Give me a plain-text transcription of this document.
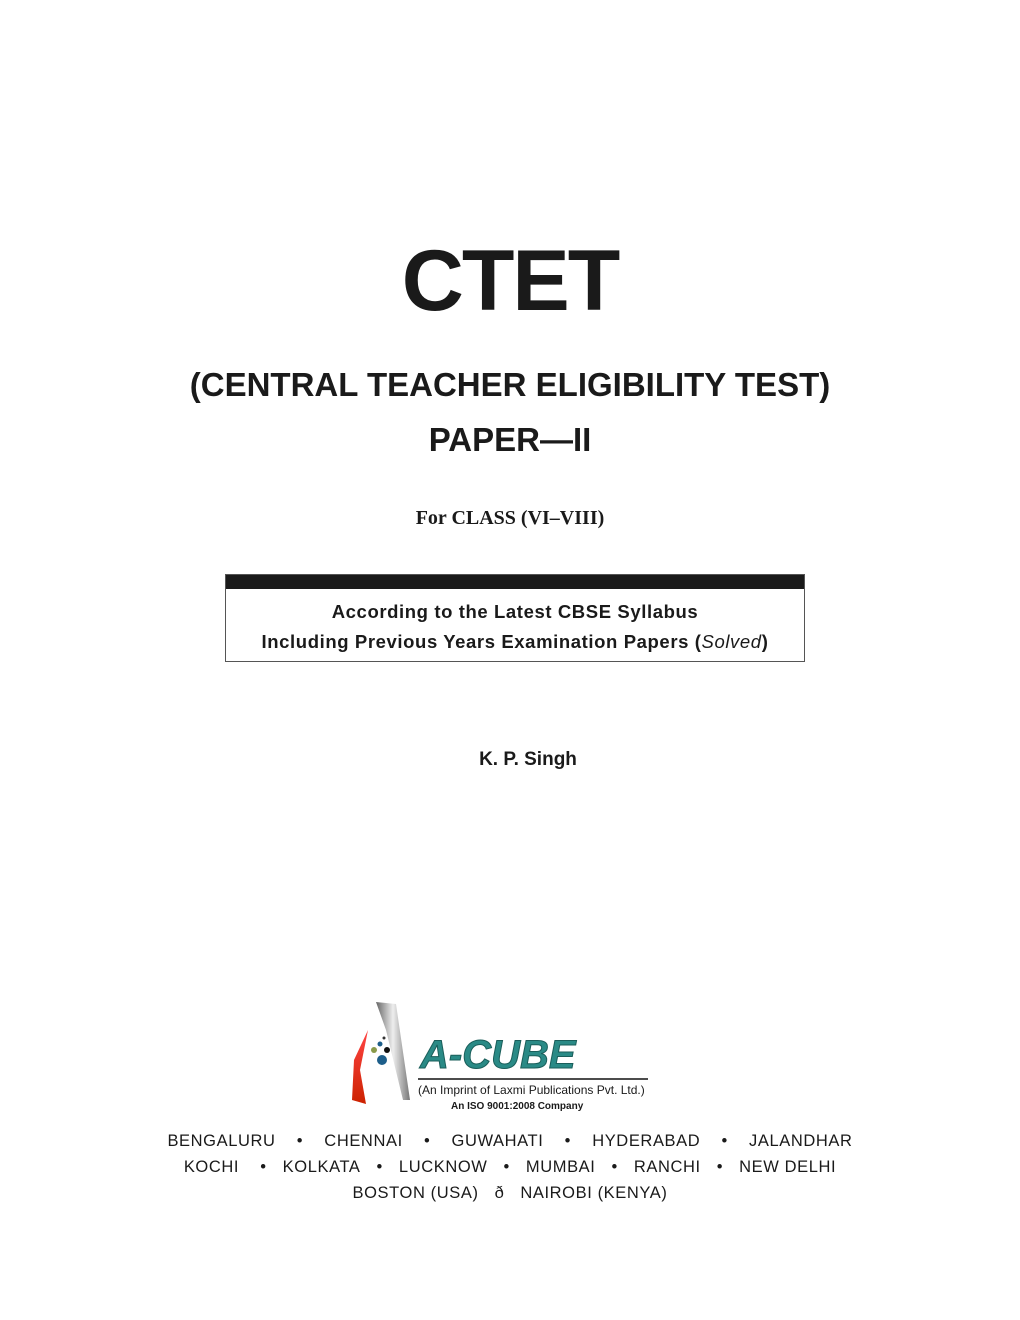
CTET
(CENTRAL TEACHER ELIGIBILITY TEST)
PAPER—II
For CLASS (VI–VIII)
According to the Latest CBSE Syllabus
Including Previous Years Examination Papers (Solved)
K. P. Singh
A-CUBE
(An Imprint of Laxmi Publications Pvt. Ltd.)
An ISO 9001:2008 Company
BENGALURU • CHENNAI • GUWAHATI • HYDERABAD • JALANDHAR
KOCHI • KOLKATA • LUCKNOW • MUMBAI • RANCHI • NEW DELHI
BOSTON (USA) ð NAIROBI (KENYA)
